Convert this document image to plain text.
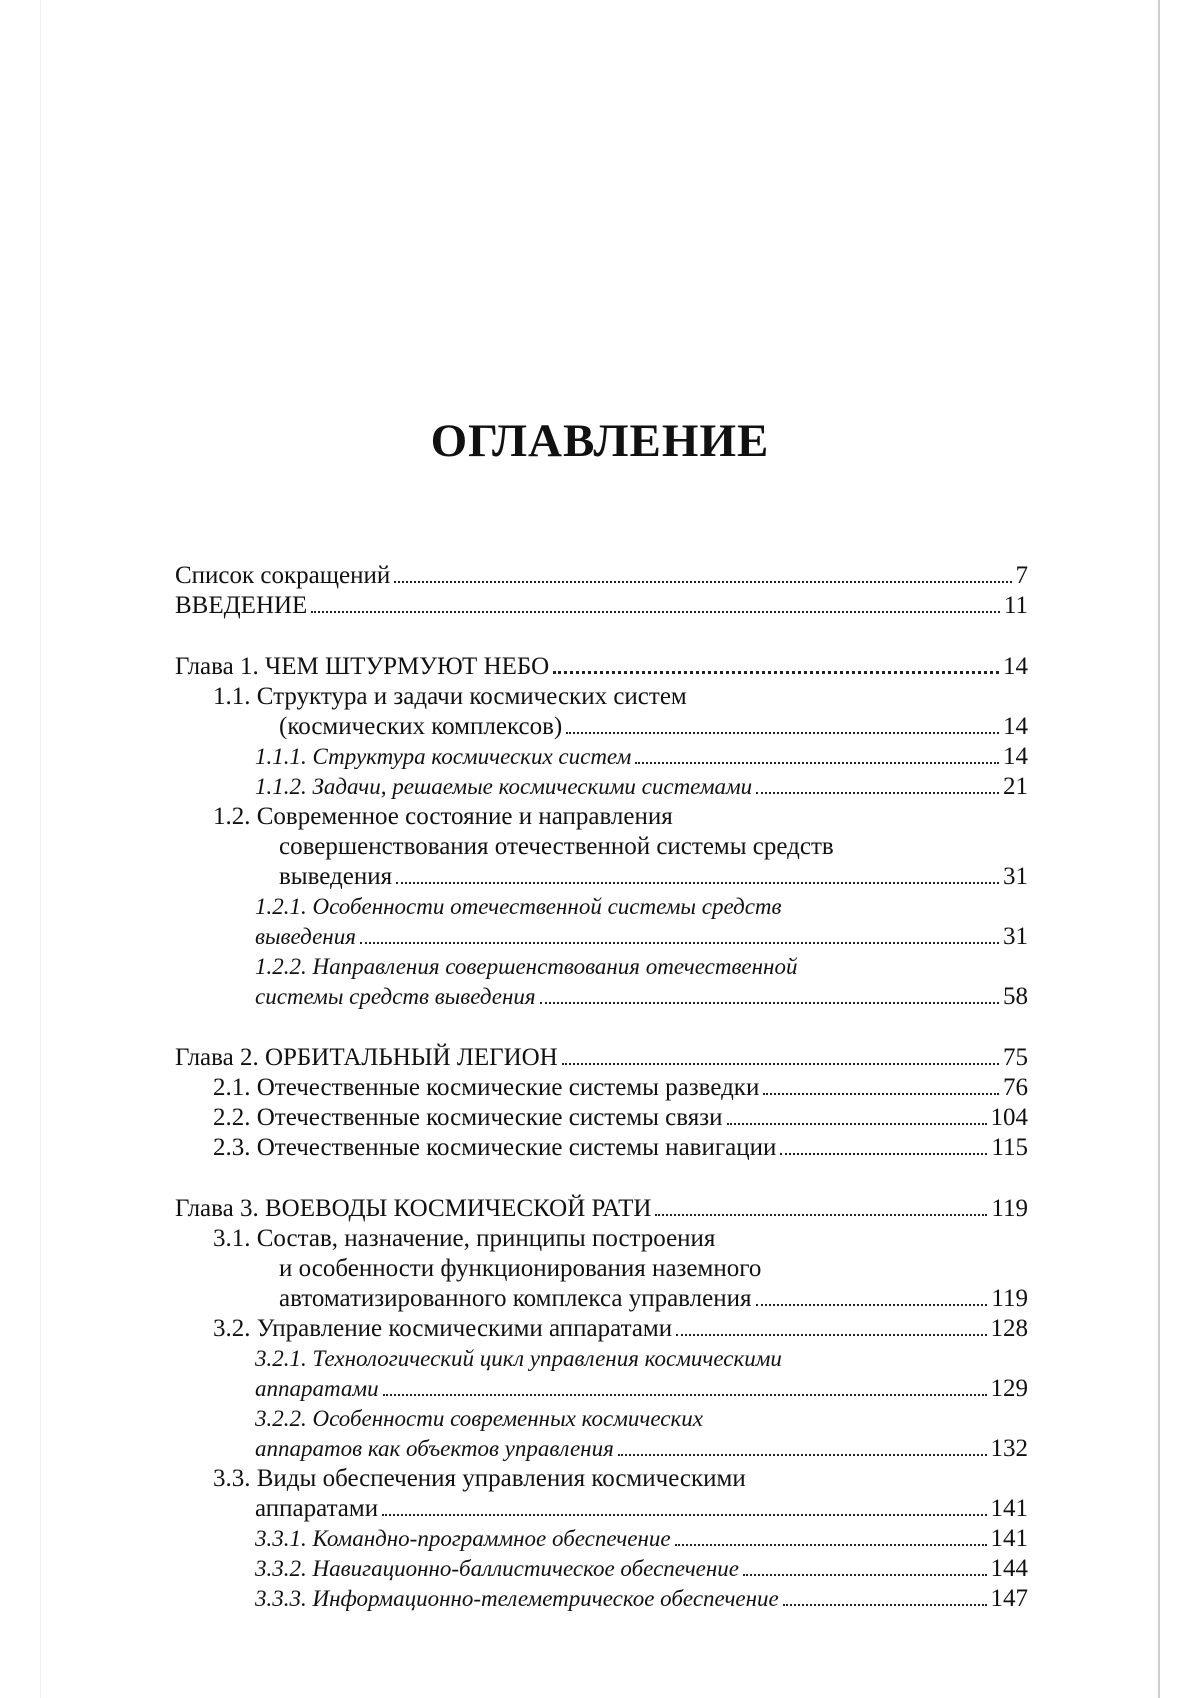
ОГЛАВЛЕНИЕ
Список сокращений	7
ВВЕДЕНИЕ	11
Глава 1. ЧЕМ ШТУРМУЮТ НЕБО	14
1.1. Структура и задачи космических систем
(космических комплексов)	14
1.1.1. Структура космических систем	14
1.1.2. Задачи, решаемые космическими системами	21
1.2. Современное состояние и направления
совершенствования отечественной системы средств
выведения	31
1.2.1. Особенности отечественной системы средств
выведения	31
1.2.2. Направления совершенствования отечественной
системы средств выведения	58
Глава 2. ОРБИТАЛЬНЫЙ ЛЕГИОН	75
2.1. Отечественные космические системы разведки	76
2.2. Отечественные космические системы связи	104
2.3. Отечественные космические системы навигации	115
Глава 3. ВОЕВОДЫ КОСМИЧЕСКОЙ РАТИ	119
3.1. Состав, назначение, принципы построения
и особенности функционирования наземного
автоматизированного комплекса управления	119
3.2. Управление космическими аппаратами	128
3.2.1. Технологический цикл управления космическими
аппаратами	129
3.2.2. Особенности современных космических
аппаратов как объектов управления	132
3.3. Виды обеспечения управления космическими
аппаратами	141
3.3.1. Командно-программное обеспечение	141
3.3.2. Навигационно-баллистическое обеспечение	144
3.3.3. Информационно-телеметрическое обеспечение	147
